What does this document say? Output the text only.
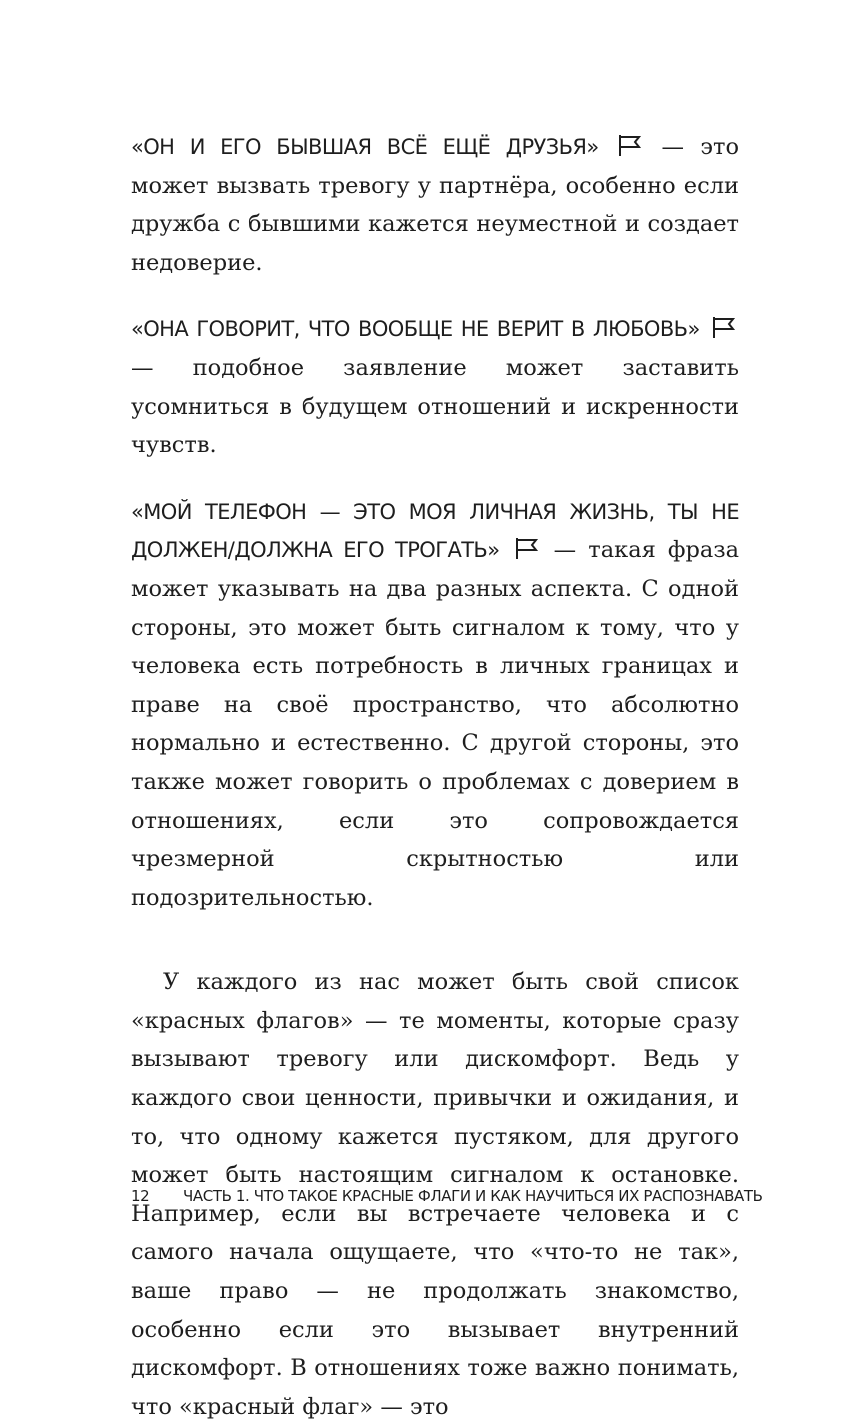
«ОН И ЕГО БЫВШАЯ ВСЁ ЕЩЁ ДРУЗЬЯ»  — это может вызвать тревогу у партнёра, особенно если дружба с бывшими кажется неуместной и создает недоверие.

«ОНА ГОВОРИТ, ЧТО ВООБЩЕ НЕ ВЕРИТ В ЛЮБОВЬ»  — подобное заявление может заставить усомниться в будущем отношений и искренности чувств.

«МОЙ ТЕЛЕФОН — ЭТО МОЯ ЛИЧНАЯ ЖИЗНЬ, ТЫ НЕ ДОЛЖЕН/ДОЛЖНА ЕГО ТРОГАТЬ»  — такая фраза может указывать на два разных аспекта. С одной стороны, это может быть сигналом к тому, что у человека есть потребность в личных границах и праве на своё пространство, что абсолютно нормально и естественно. С другой стороны, это также может говорить о проблемах с доверием в отношениях, если это сопровождается чрезмерной скрытностью или подозрительностью.

У каждого из нас может быть свой список «красных флагов» — те моменты, которые сразу вызывают тревогу или дискомфорт. Ведь у каждого свои ценности, привычки и ожидания, и то, что одному кажется пустяком, для другого может быть настоящим сигналом к остановке. Например, если вы встречаете человека и с самого начала ощущаете, что «что-то не так», ваше право — не продолжать знакомство, особенно если это вызывает внутренний дискомфорт. В отношениях тоже важно понимать, что «красный флаг» — это

12 ЧАСТЬ 1. ЧТО ТАКОЕ КРАСНЫЕ ФЛАГИ И КАК НАУЧИТЬСЯ ИХ РАСПОЗНАВАТЬ
